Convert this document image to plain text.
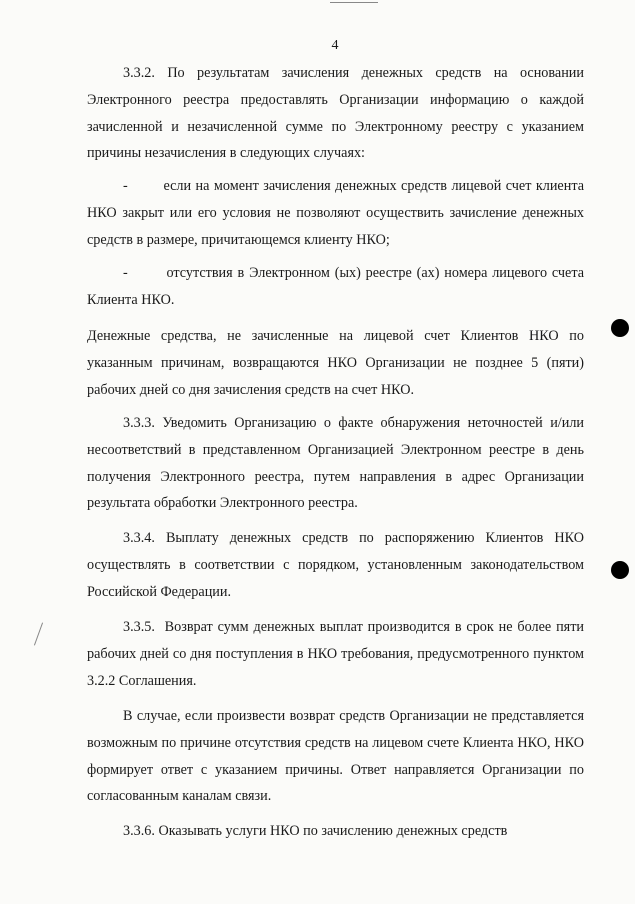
4

3.3.2. По результатам зачисления денежных средств на основании Электронного реестра предоставлять Организации информацию о каждой зачисленной и незачисленной сумме по Электронному реестру с указанием причины незачисления в следующих случаях:

-        если на момент зачисления денежных средств лицевой счет клиента НКО закрыт или его условия не позволяют осуществить зачисление денежных средств в размере, причитающемся клиенту НКО;

-        отсутствия в Электронном (ых) реестре (ах) номера лицевого счета Клиента НКО.

Денежные средства, не зачисленные на лицевой счет Клиентов НКО по указанным причинам, возвращаются НКО Организации не позднее 5 (пяти) рабочих дней со дня зачисления средств на счет НКО.

3.3.3. Уведомить Организацию о факте обнаружения неточностей и/или несоответствий в представленном Организацией Электронном реестре в день получения Электронного реестра, путем направления в адрес Организации результата обработки Электронного реестра.

3.3.4. Выплату денежных средств по распоряжению Клиентов НКО осуществлять в соответствии с порядком, установленным законодательством Российской Федерации.

3.3.5.  Возврат сумм денежных выплат производится в срок не более пяти рабочих дней со дня поступления в НКО требования, предусмотренного пунктом 3.2.2 Соглашения.

В случае, если произвести возврат средств Организации не представляется возможным по причине отсутствия средств на лицевом счете Клиента НКО, НКО формирует ответ с указанием причины. Ответ направляется Организации по согласованным каналам связи.

3.3.6. Оказывать услуги НКО по зачислению денежных средств
